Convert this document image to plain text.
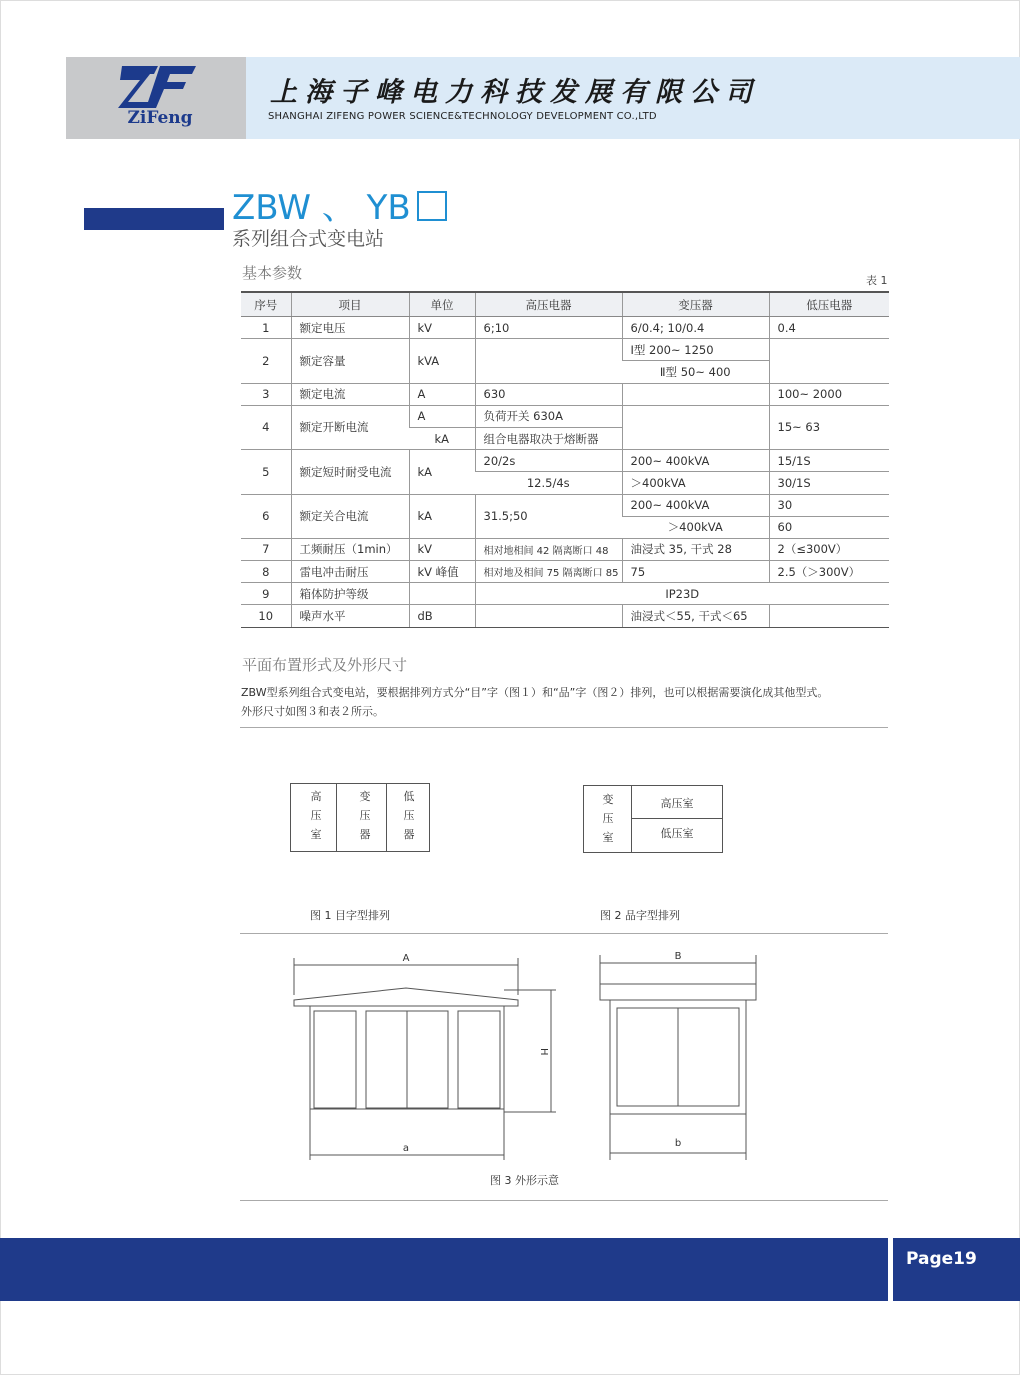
ZiFeng
上海子峰电力科技发展有限公司
SHANGHAI ZIFENG POWER SCIENCE&TECHNOLOGY DEVELOPMENT CO.,LTD
ZBW 、 YB
系列组合式变电站
基本参数	表 1
序号	项目	单位	高压电器	变压器	低压电器
1	额定电压	kV	6;10	6/0.4; 10/0.4	0.4
2	额定容量	kVA		Ⅰ型 200~ 1250	
				Ⅱ型 50~ 400	
3	额定电流	A	630		100~ 2000
4	额定开断电流	A	负荷开关 630A		15~ 63
		kA	组合电器取决于熔断器		
5	额定短时耐受电流	kA	20/2s	200~ 400kVA	15/1S
			12.5/4s	＞400kVA	30/1S
6	额定关合电流	kA	31.5;50	200~ 400kVA	30
				＞400kVA	60
7	工频耐压（1min）	kV	相对地相间 42 隔离断口 48	油浸式 35, 干式 28	2（≤300V）
8	雷电冲击耐压	kV 峰值	相对地及相间 75 隔离断口 85	75	2.5（＞300V）
9	箱体防护等级		IP23D		
10	噪声水平	dB		油浸式＜55, 干式＜65	
平面布置形式及外形尺寸
ZBW型系列组合式变电站，要根据排列方式分“目”字（图１）和“品”字（图２）排列，也可以根据需要演化成其他型式。
外形尺寸如图３和表２所示。
高
压
室
变
压
器
低
压
器
图 1 目字型排列
变
压
室
高压室
低压室
图 2 品字型排列
A
a
H
B
b
图 3 外形示意
Page19
